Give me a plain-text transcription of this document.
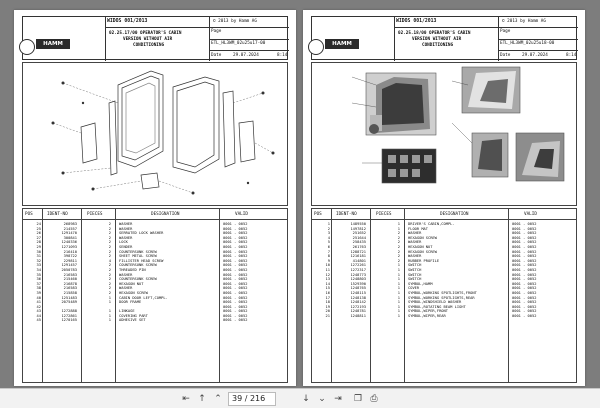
WIDOS 001/2013	© 2013 by Hamm AG
Page
ETL_HL3WM_02u25u17-00
Date	29.07.2024	8:14
02.25.17/00 OPERATOR'S CABIN
VERSION WITHOUT AIR
CONDITIONING
HAMM
POS	IDENT-NO	PIECES	DESIGNATION	VALID
24	268983	2 WASHER	0001 - 0052
25	214557	2 WASHER	0001 - 0052
26	1291470	2 SERRATED LOCK WASHER	0001 - 0052
27	300841	2 WASHER	0001 - 0052
28	1240336	2 LOCK	0001 - 0052
29	1271093	2 SENDER	0001 - 0052
30	216410	2 COUNTERSUNK SCREW	0001 - 0052
31	398722	2 SHEET METAL SCREW	0001 - 0052
32	229811	4 FILLISTER HEAD SCREW	0001 - 0052
33	1291457	2 COUNTERSUNK SCREW	0001 - 0052
34	2050783	2 THREADED PIN	0001 - 0052
35	216583	2 WASHER	0001 - 0052
36	215460	2 COUNTERSUNK SCREW	0001 - 0052
37	216878	2 HEXAGON NUT	0001 - 0052
38	216583	2 WASHER	0001 - 0052
39	215858	2 HEXAGON SCREW	0001 - 0052
40	1251483	1 CABIN DOOR LEFT,COMPL.	0001 - 0052
41	2075489	1 DOOR FRAME	0001 - 0052
42	0001 - 0052
43	1272888	1 LINKAGE	0001 - 0052
44	1272861	1 COVERING PART	0001 - 0052
45	1270165	1 ADHESIVE SET	0001 - 0052
WIDOS 001/2013	© 2013 by Hamm AG
Page
ETL_HL3WM_02u25u18-00
Date	29.07.2024	8:14
02.25.18/00 OPERATOR'S CABIN
VERSION WITHOUT AIR
CONDITIONING
HAMM
POS	IDENT-NO	PIECES	DESIGNATION	VALID
1	1489550	1 DRIVER'S CABIN,COMPL.	0001 - 0052
2	1497812	1 FLOOR MAT	0001 - 0052
3	251652	2 WASHER	0001 - 0052
4	251644	2 HEXAGON SCREW	0001 - 0052
5	258435	2 WASHER	0001 - 0052
6	261763	2 HEXAGON NUT	0001 - 0052
7	1288721	2 HEXAGON SCREW	0001 - 0052
8	1216181	2 WASHER	0001 - 0052
9	414801	2 RUBBER PROFILE	0001 - 0052
10	1272261	1 SWITCH	0001 - 0052
11	1272317	1 SWITCH	0001 - 0052
12	1248773	1 SWITCH	0001 - 0052
13	1248803	1 SWITCH	0001 - 0052
14	1529390	1 SYMBOL,HAMM	0001 - 0052
15	1248765	1 COVER	0001 - 0052
16	1248115	1 SYMBOL,WORKING SPOTLIGHTS,FRONT	0001 - 0052
17	1248138	1 SYMBOL,WORKING SPOTLIGHTS,REAR	0001 - 0052
18	1248142	1 SYMBOL,WINDSHIELD WASHER	0001 - 0052
19	1272193	1 SYMBOL,ROTATING BEAM LIGHT	0001 - 0052
20	1248781	1 SYMBOL,WIPER,FRONT	0001 - 0052
21	1248811	1 SYMBOL,WIPER,REAR	0001 - 0052
⇤ ↑ ⌃	39 / 216	↓ ⌄ ⇥ ❐ ⎙
